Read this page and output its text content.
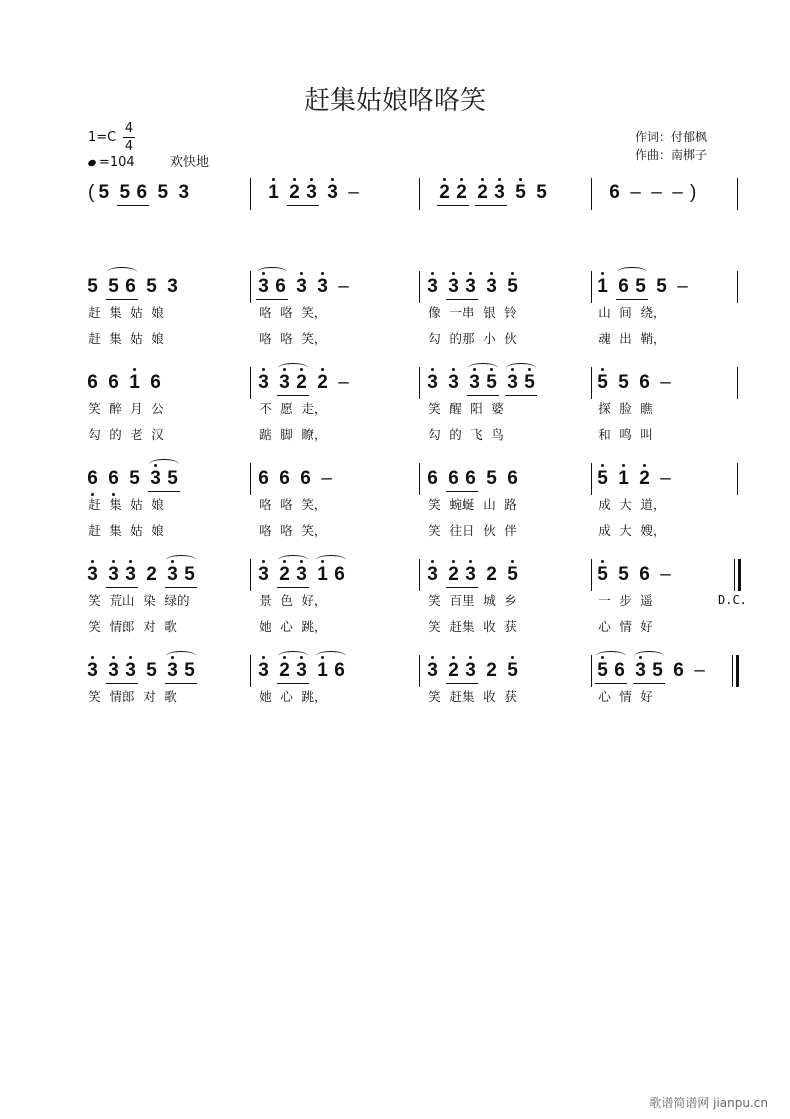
赶集姑娘咯咯笑
1=C
4
4
=104	欢快地
作词：付郁枫
作曲：南梆子
( 5 5 6 5 3	1 2 3 3 –	2 2 2 3 5 5	6 – – – )
5 5 6 5 3	3 6 3 3 –	3 3 3 3 5	1 6 5 5 –
赶 集 姑 娘	咯 咯 笑，	像 一串 银 铃	山 间 绕，
赶 集 姑 娘	咯 咯 笑，	勾 的那 小 伙	魂 出 鞘，
6 6 1 6	3 3 2 2 –	3 3 3 5 3 5	5 5 6 –
笑 醉 月 公	不 愿 走，	笑 醒 阳 婆	探 脸 瞧
勾 的 老 汉	踮 脚 瞭，	勾 的 飞 鸟	和 鸣 叫
6 6 5 3 5	6 6 6 –	6 6 6 5 6	5 1 2 –
赶 集 姑 娘	咯 咯 笑，	笑 蜿蜒 山 路	成 大 道，
赶 集 姑 娘	咯 咯 笑，	笑 往日 伙 伴	成 大 嫂，
3 3 3 2 3 5	3 2 3 1 6	3 2 3 2 5	5 5 6 –
D.C.
笑 荒山 染 绿的	景 色 好，	笑 百里 城 乡	一 步 遥
笑 情郎 对 歌	她 心 跳，	笑 赶集 收 获	心 情 好
3 3 3 5 3 5	3 2 3 1 6	3 2 3 2 5	5 6 3 5 6 –
笑 情郎 对 歌	她 心 跳，	笑 赶集 收 获	心 情 好
歌谱简谱网 jianpu.cn
